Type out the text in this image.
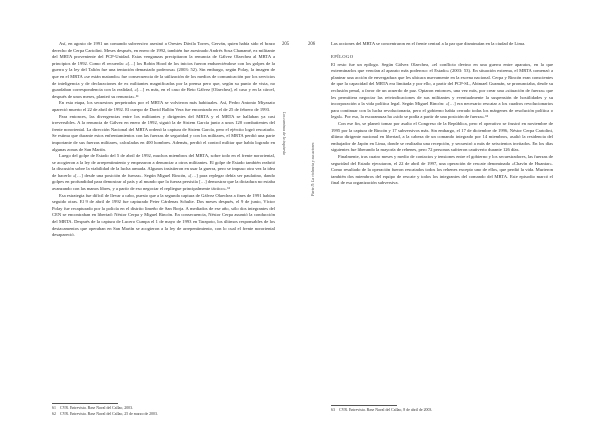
Así, en agosto de 1991 un comando subversivo asesinó a Orestes Dávila Torres, Gerván, quien había sido el brazo derecho de Cerpa Cartolini. Meses después, en enero de 1992, también fue asesinado Andrés Sosa Chanamé, ex militante del MRTA proveniente del PCP-Unidad. Estas venganzas precipitaron la renuncia de Gálvez Olaechea al MRTA a principios de 1992. Como él recuerda: «[…] los Robin Hood de los inicios fueron endureciéndose con los golpes de la guerra y la ley del Talión fue una tentación demasiado poderosa» (2003: 52). Sin embargo, según Polay, la imagen de que en el MRTA «se están matando» fue consecuencia de la utilización de los medios de comunicación por los servicios de inteligencia y de declaraciones de ex militantes magnificadas por la prensa pero que, según su punto de vista, no guardaban correspondencia con la realidad, «[…] es más, en el caso de Beto Gálvez [Olaechea], el caso y en la cárcel, después de unos meses, planteó su renuncia».⁶¹

En esta etapa, los secuestros perpetrados por el MRTA se volvieron más habituales. Así, Pedro Antonio Miyasato apareció muerto el 22 de abril de 1992. El cuerpo de David Ballón Vera fue encontrado en el de 25 de febrero de 1993.

Para entonces, las divergencias entre los militantes y dirigentes del MRTA y el MRTA se hallaban ya casi irreversibles. A la renuncia de Gálvez en enero de 1992, siguió la de Sistem García junto a unos 120 combatientes del frente nororiental. La dirección Nacional del MRTA ordenó la captura de Sistem García, pero el ejército logró rescatarlo. Se estima que durante estos enfrentamientos con las fuerzas de seguridad y con los militares, el MRTA perdió una parte importante de sus fuerzas militares, calculadas en 400 hombres. Además, perdió el control militar que había logrado en algunas zonas de San Martín.

Luego del golpe de Estado del 5 de abril de 1992, muchos miembros del MRTA, sobre todo en el frente nororiental, se acogieron a la ley de arrepentimiento y empezaron a denunciar a otros militantes. El golpe de Estado también reabrió la discusión sobre la viabilidad de la lucha armada. Algunos insistieron en usar la guerra, pero se impuso otra vez la idea de hacerlo «[…] desde una posición de fuerza». Según Miguel Rincón, «[…] para replegar debía ser paulatino, dando golpes en profundidad para demostrar al país y al mundo que la fuerza persistía […] demostrar que la dictadura no estaba avanzando con las manos libres, y a partir de eso negociar el repliegue principalmente táctico».⁶²

Esa estrategia fue difícil de llevar a cabo, puesto que a la segunda captura de Gálvez Olaechea a fines de 1991 habían seguido otras. El 9 de abril de 1992 fue capturado Peter Cárdenas Schulte. Dos meses después, el 9 de junio, Víctor Polay fue recapturado por la policía en el distrito limeño de San Borja. A mediados de ese año, sólo dos integrantes del CEN se encontraban en libertad: Néstor Cerpa y Miguel Rincón. En consecuencia, Néstor Cerpa asumió la conducción del MRTA. Después de la captura de Lucero Cumpa el 1 de mayo de 1993 en Tarapoto, los últimos responsables de los destacamentos que operaban en San Martín se acogieron a la ley de arrepentimiento, con lo cual el frente nororiental desapareció.

205
Los caminos de la izquierda

61 CVR. Entrevista. Base Naval del Callao, 2003.

62 CVR. Entrevista. Base Naval del Callao, 25 de marzo de 2003.

206
Parte II: La violencia y sus actores

Las acciones del MRTA se concentraron en el frente central a la par que disminuían en la ciudad de Lima.

EPÍLOGO

El resto fue un epílogo. Según Gálvez Olaechea, «el conflicto devino en una guerra entre aparatos, en la que exterminarlos que vencían al aparato más poderoso: el Estado» (2003: 53). En situación extrema, el MRTA comenzó a plantear una acción de envergadura que les ubicara nuevamente en la escena nacional. Cerpa y Rincón eran conscientes de que la capacidad del MRTA era limitada y por ello, a partir del PCP-SL, Abimael Guzmán, se pronunciaba, desde su reclusión penal, a favor de un acuerdo de paz. Optaron entonces, una vez más, por crear una «situación de fuerza» que les permitiera negociar las reivindicaciones de sus militantes y eventualmente la suspensión de hostilidades y su incorporación a la vida política legal. Según Miguel Rincón: «[…] era necesario rescatar a los cuadros revolucionarios para continuar con la lucha revolucionaria, pero el gobierno había cerrado todas los márgenes de resolución política o legal». Por eso, la escaramuza ha «sido se podía a partir de una posición de fuerza».⁶³

Con ese fin, se planeó tomar por asalto el Congreso de la República, pero el operativo se frustró en noviembre de 1995 por la captura de Rincón y 17 subversivos más. Sin embargo, el 17 de diciembre de 1996, Néstor Cerpa Cartolini, último dirigente nacional en libertad, a la cabeza de un comando integrado por 14 miembros, asaltó la residencia del embajador de Japón en Lima, donde se realizaba una recepción, y secuestró a más de seiscientos invitados. En los días siguientes fue liberando la mayoría de rehenes, pero 72 personas sufrieron cautiverio durante 126 días.

Finalmente, tras cuatro meses y medio de contactos y tensiones entre el gobierno y los secuestradores, las fuerzas de seguridad del Estado ejecutaron, el 22 de abril de 1997, una operación de rescate denominada «Chavín de Huantar». Como resultado de la operación fueron rescatados todos los rehenes excepto uno de ellos, que perdió la vida. Murieron también dos miembros del equipo de rescate y todos los integrantes del comando del MRTA. Este episodio marcó el final de esa organización subversiva.

63 CVR. Entrevista. Base Naval del Callao, 8 de abril de 2003.
